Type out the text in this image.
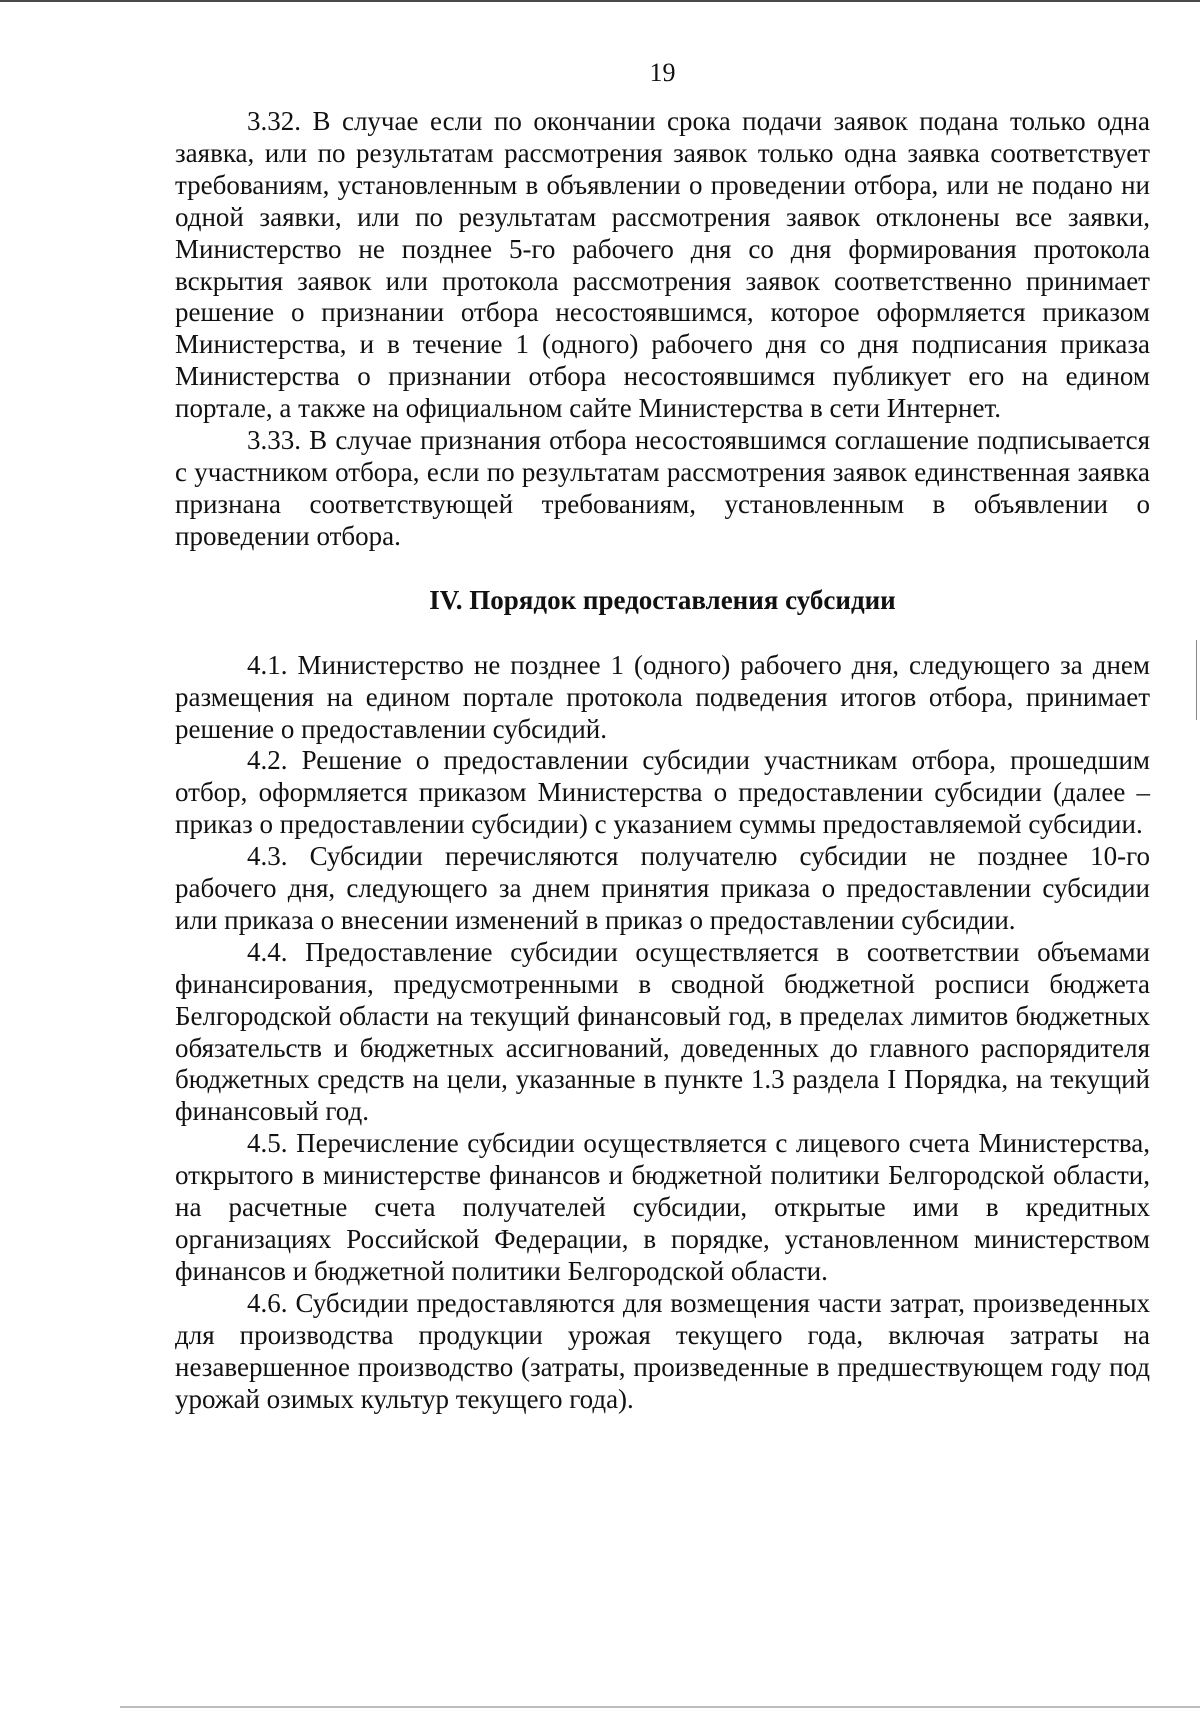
19

3.32. В случае если по окончании срока подачи заявок подана только одна заявка, или по результатам рассмотрения заявок только одна заявка соответствует требованиям, установленным в объявлении о проведении отбора, или не подано ни одной заявки, или по результатам рассмотрения заявок отклонены все заявки, Министерство не позднее 5-го рабочего дня со дня формирования протокола вскрытия заявок или протокола рассмотрения заявок соответственно принимает решение о признании отбора несостоявшимся, которое оформляется приказом Министерства, и в течение 1 (одного) рабочего дня со дня подписания приказа Министерства о признании отбора несостоявшимся публикует его на едином портале, а также на официальном сайте Министерства в сети Интернет.

3.33. В случае признания отбора несостоявшимся соглашение подписывается с участником отбора, если по результатам рассмотрения заявок единственная заявка признана соответствующей требованиям, установленным в объявлении о проведении отбора.

IV. Порядок предоставления субсидии

4.1. Министерство не позднее 1 (одного) рабочего дня, следующего за днем размещения на едином портале протокола подведения итогов отбора, принимает решение о предоставлении субсидий.

4.2. Решение о предоставлении субсидии участникам отбора, прошедшим отбор, оформляется приказом Министерства о предоставлении субсидии (далее – приказ о предоставлении субсидии) с указанием суммы предоставляемой субсидии.

4.3. Субсидии перечисляются получателю субсидии не позднее 10-го рабочего дня, следующего за днем принятия приказа о предоставлении субсидии или приказа о внесении изменений в приказ о предоставлении субсидии.

4.4. Предоставление субсидии осуществляется в соответствии объемами финансирования, предусмотренными в сводной бюджетной росписи бюджета Белгородской области на текущий финансовый год, в пределах лимитов бюджетных обязательств и бюджетных ассигнований, доведенных до главного распорядителя бюджетных средств на цели, указанные в пункте 1.3 раздела I Порядка, на текущий финансовый год.

4.5. Перечисление субсидии осуществляется с лицевого счета Министерства, открытого в министерстве финансов и бюджетной политики Белгородской области, на расчетные счета получателей субсидии, открытые ими в кредитных организациях Российской Федерации, в порядке, установленном министерством финансов и бюджетной политики Белгородской области.

4.6. Субсидии предоставляются для возмещения части затрат, произведенных для производства продукции урожая текущего года, включая затраты на незавершенное производство (затраты, произведенные в предшествующем году под урожай озимых культур текущего года).
